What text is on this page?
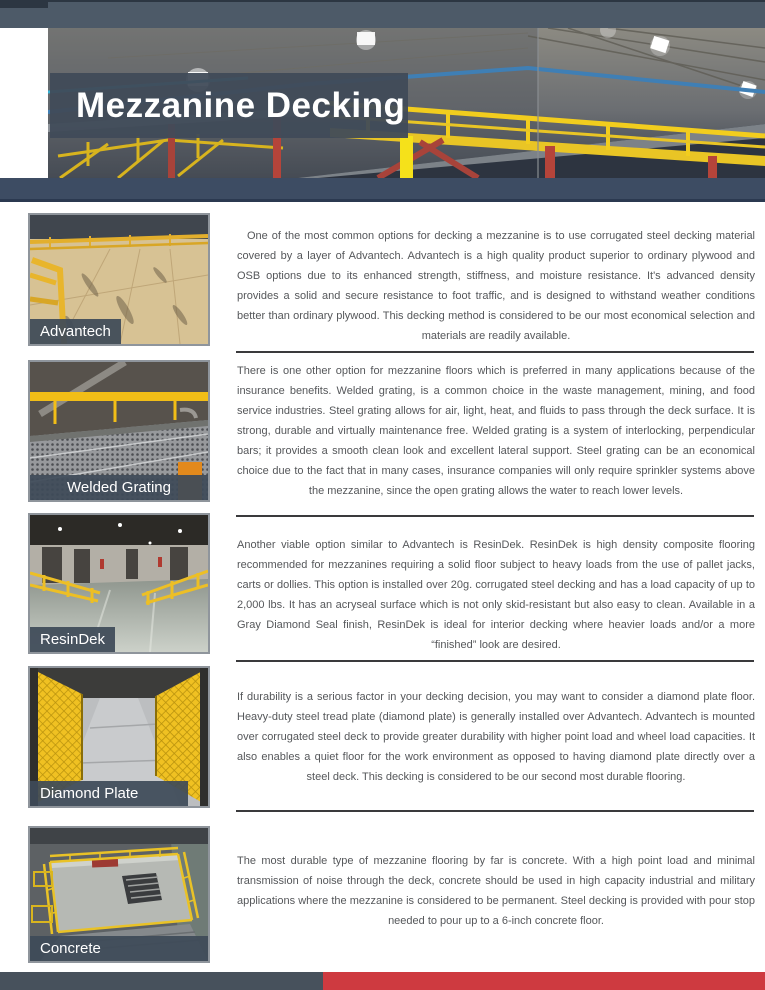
Mezzanine Decking
Advantech

One of the most common options for decking a mezzanine is to use corrugated steel decking material covered by a layer of Advantech. Advantech is a high quality product superior to ordinary plywood and OSB options due to its enhanced strength, stiffness, and moisture resistance. It's advanced density provides a solid and secure resistance to foot traffic, and is designed to withstand weather conditions better than ordinary plywood. This decking method is considered to be our most economical selection and materials are readily available.

Welded Grating

There is one other option for mezzanine floors which is preferred in many applications because of the insurance benefits. Welded grating, is a common choice in the waste management, mining, and food service industries. Steel grating allows for air, light, heat, and fluids to pass through the deck surface. It is strong, durable and virtually maintenance free. Welded grating is a system of interlocking, perpendicular bars; it provides a smooth clean look and excellent lateral support. Steel grating can be an economical choice due to the fact that in many cases, insurance companies will only require sprinkler systems above the mezzanine, since the open grating allows the water to reach lower levels.

ResinDek

Another viable option similar to Advantech is ResinDek. ResinDek is high density composite flooring recommended for mezzanines requiring a solid floor subject to heavy loads from the use of pallet jacks, carts or dollies. This option is installed over 20g. corrugated steel decking and has a load capacity of up to 2,000 lbs. It has an acryseal surface which is not only skid-resistant but also easy to clean. Available in a Gray Diamond Seal finish, ResinDek is ideal for interior decking where heavier loads and/or a more “finished” look are desired.

Diamond Plate

If durability is a serious factor in your decking decision, you may want to consider a diamond plate floor. Heavy-duty steel tread plate (diamond plate) is generally installed over Advantech. Advantech is mounted over corrugated steel deck to provide greater durability with higher point load and wheel load capacities. It also enables a quiet floor for the work environment as opposed to having diamond plate directly over a steel deck. This decking is considered to be our second most durable flooring.

Concrete

The most durable type of mezzanine flooring by far is concrete. With a high point load and minimal transmission of noise through the deck, concrete should be used in high capacity industrial and military applications where the mezzanine is considered to be permanent. Steel decking is provided with pour stop needed to pour up to a 6-inch concrete floor.
